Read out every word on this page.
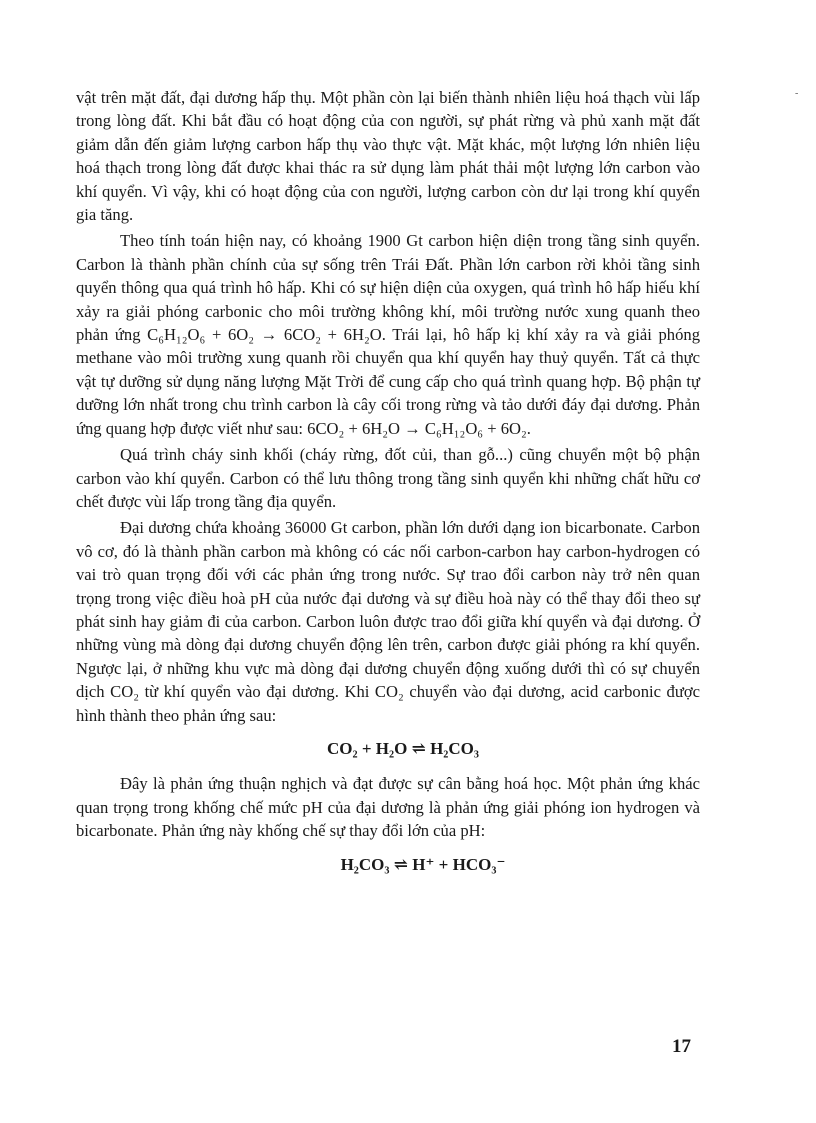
-

vật trên mặt đất, đại dương hấp thụ. Một phần còn lại biến thành nhiên liệu hoá thạch vùi lấp trong lòng đất. Khi bắt đầu có hoạt động của con người, sự phát rừng và phủ xanh mặt đất giảm dẫn đến giảm lượng carbon hấp thụ vào thực vật. Mặt khác, một lượng lớn nhiên liệu hoá thạch trong lòng đất được khai thác ra sử dụng làm phát thải một lượng lớn carbon vào khí quyển. Vì vậy, khi có hoạt động của con người, lượng carbon còn dư lại trong khí quyển gia tăng.

Theo tính toán hiện nay, có khoảng 1900 Gt carbon hiện diện trong tầng sinh quyển. Carbon là thành phần chính của sự sống trên Trái Đất. Phần lớn carbon rời khỏi tầng sinh quyển thông qua quá trình hô hấp. Khi có sự hiện diện của oxygen, quá trình hô hấp hiếu khí xảy ra giải phóng carbonic cho môi trường không khí, môi trường nước xung quanh theo phản ứng C₆H₁₂O₆ + 6O₂ → 6CO₂ + 6H₂O. Trái lại, hô hấp kị khí xảy ra và giải phóng methane vào môi trường xung quanh rồi chuyển qua khí quyển hay thuỷ quyển. Tất cả thực vật tự dưỡng sử dụng năng lượng Mặt Trời để cung cấp cho quá trình quang hợp. Bộ phận tự dưỡng lớn nhất trong chu trình carbon là cây cối trong rừng và tảo dưới đáy đại dương. Phản ứng quang hợp được viết như sau: 6CO₂ + 6H₂O → C₆H₁₂O₆ + 6O₂.

Quá trình cháy sinh khối (cháy rừng, đốt củi, than gỗ...) cũng chuyển một bộ phận carbon vào khí quyển. Carbon có thể lưu thông trong tầng sinh quyển khi những chất hữu cơ chết được vùi lấp trong tầng địa quyển.

Đại dương chứa khoảng 36000 Gt carbon, phần lớn dưới dạng ion bicarbonate. Carbon vô cơ, đó là thành phần carbon mà không có các nối carbon-carbon hay carbon-hydrogen có vai trò quan trọng đối với các phản ứng trong nước. Sự trao đổi carbon này trở nên quan trọng trong việc điều hoà pH của nước đại dương và sự điều hoà này có thể thay đổi theo sự phát sinh hay giảm đi của carbon. Carbon luôn được trao đổi giữa khí quyển và đại dương. Ở những vùng mà dòng đại dương chuyển động lên trên, carbon được giải phóng ra khí quyển. Ngược lại, ở những khu vực mà dòng đại dương chuyển động xuống dưới thì có sự chuyển dịch CO₂ từ khí quyển vào đại dương. Khi CO₂ chuyển vào đại dương, acid carbonic được hình thành theo phản ứng sau:

CO₂ + H₂O ⇌ H₂CO₃

Đây là phản ứng thuận nghịch và đạt được sự cân bằng hoá học. Một phản ứng khác quan trọng trong khống chế mức pH của đại dương là phản ứng giải phóng ion hydrogen và bicarbonate. Phản ứng này khống chế sự thay đổi lớn của pH:

H₂CO₃ ⇌ H⁺ + HCO₃⁻
17
